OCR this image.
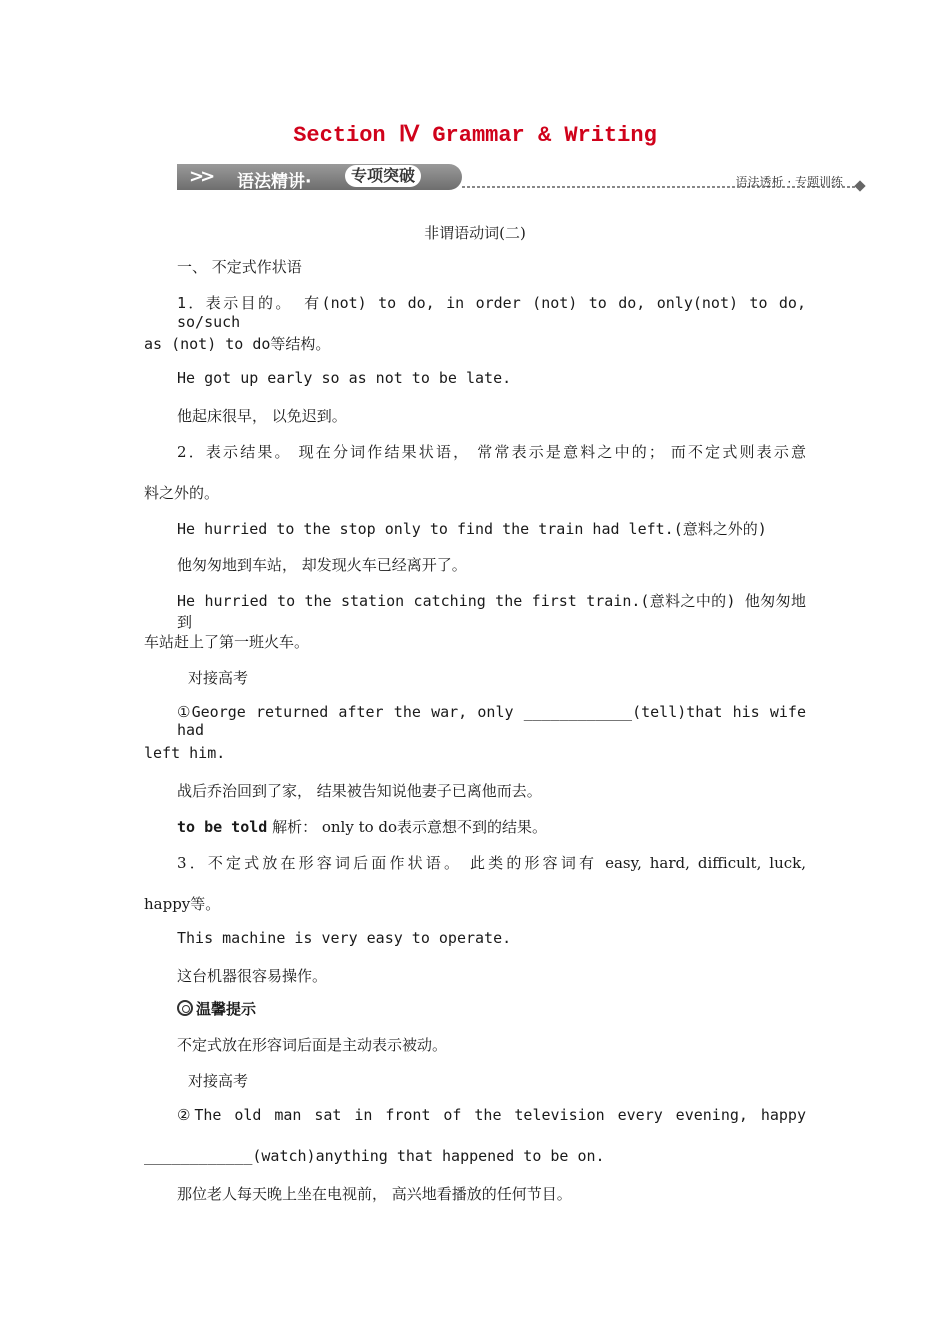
Section Ⅳ Grammar & Writing
>> 语法精讲·	专项突破	语法透析 · 专题训练
非谓语动词(二)
一、 不定式作状语
1．表示目的。 有(not) to do, in order (not) to do, only(not) to do, so/such
as (not) to do等结构。
He got up early so as not to be late.
他起床很早， 以免迟到。
2．表示结果。 现在分词作结果状语， 常常表示是意料之中的； 而不定式则表示意
料之外的。
He hurried to the stop only to find the train had left.(意料之外的)
他匆匆地到车站， 却发现火车已经离开了。
He hurried to the station catching the first train.(意料之中的) 他匆匆地到
车站赶上了第一班火车。
对接高考
①George returned after the war, only ____________(tell)that his wife had
left him.
战后乔治回到了家， 结果被告知说他妻子已离他而去。
to be told 解析： only to do表示意想不到的结果。
3．不定式放在形容词后面作状语。 此类的形容词有 easy, hard, difficult, luck,
happy等。
This machine is very easy to operate.
这台机器很容易操作。
温馨提示
不定式放在形容词后面是主动表示被动。
对接高考
②The old man sat in front of the television every evening, happy
____________(watch)anything that happened to be on.
那位老人每天晚上坐在电视前， 高兴地看播放的任何节目。
